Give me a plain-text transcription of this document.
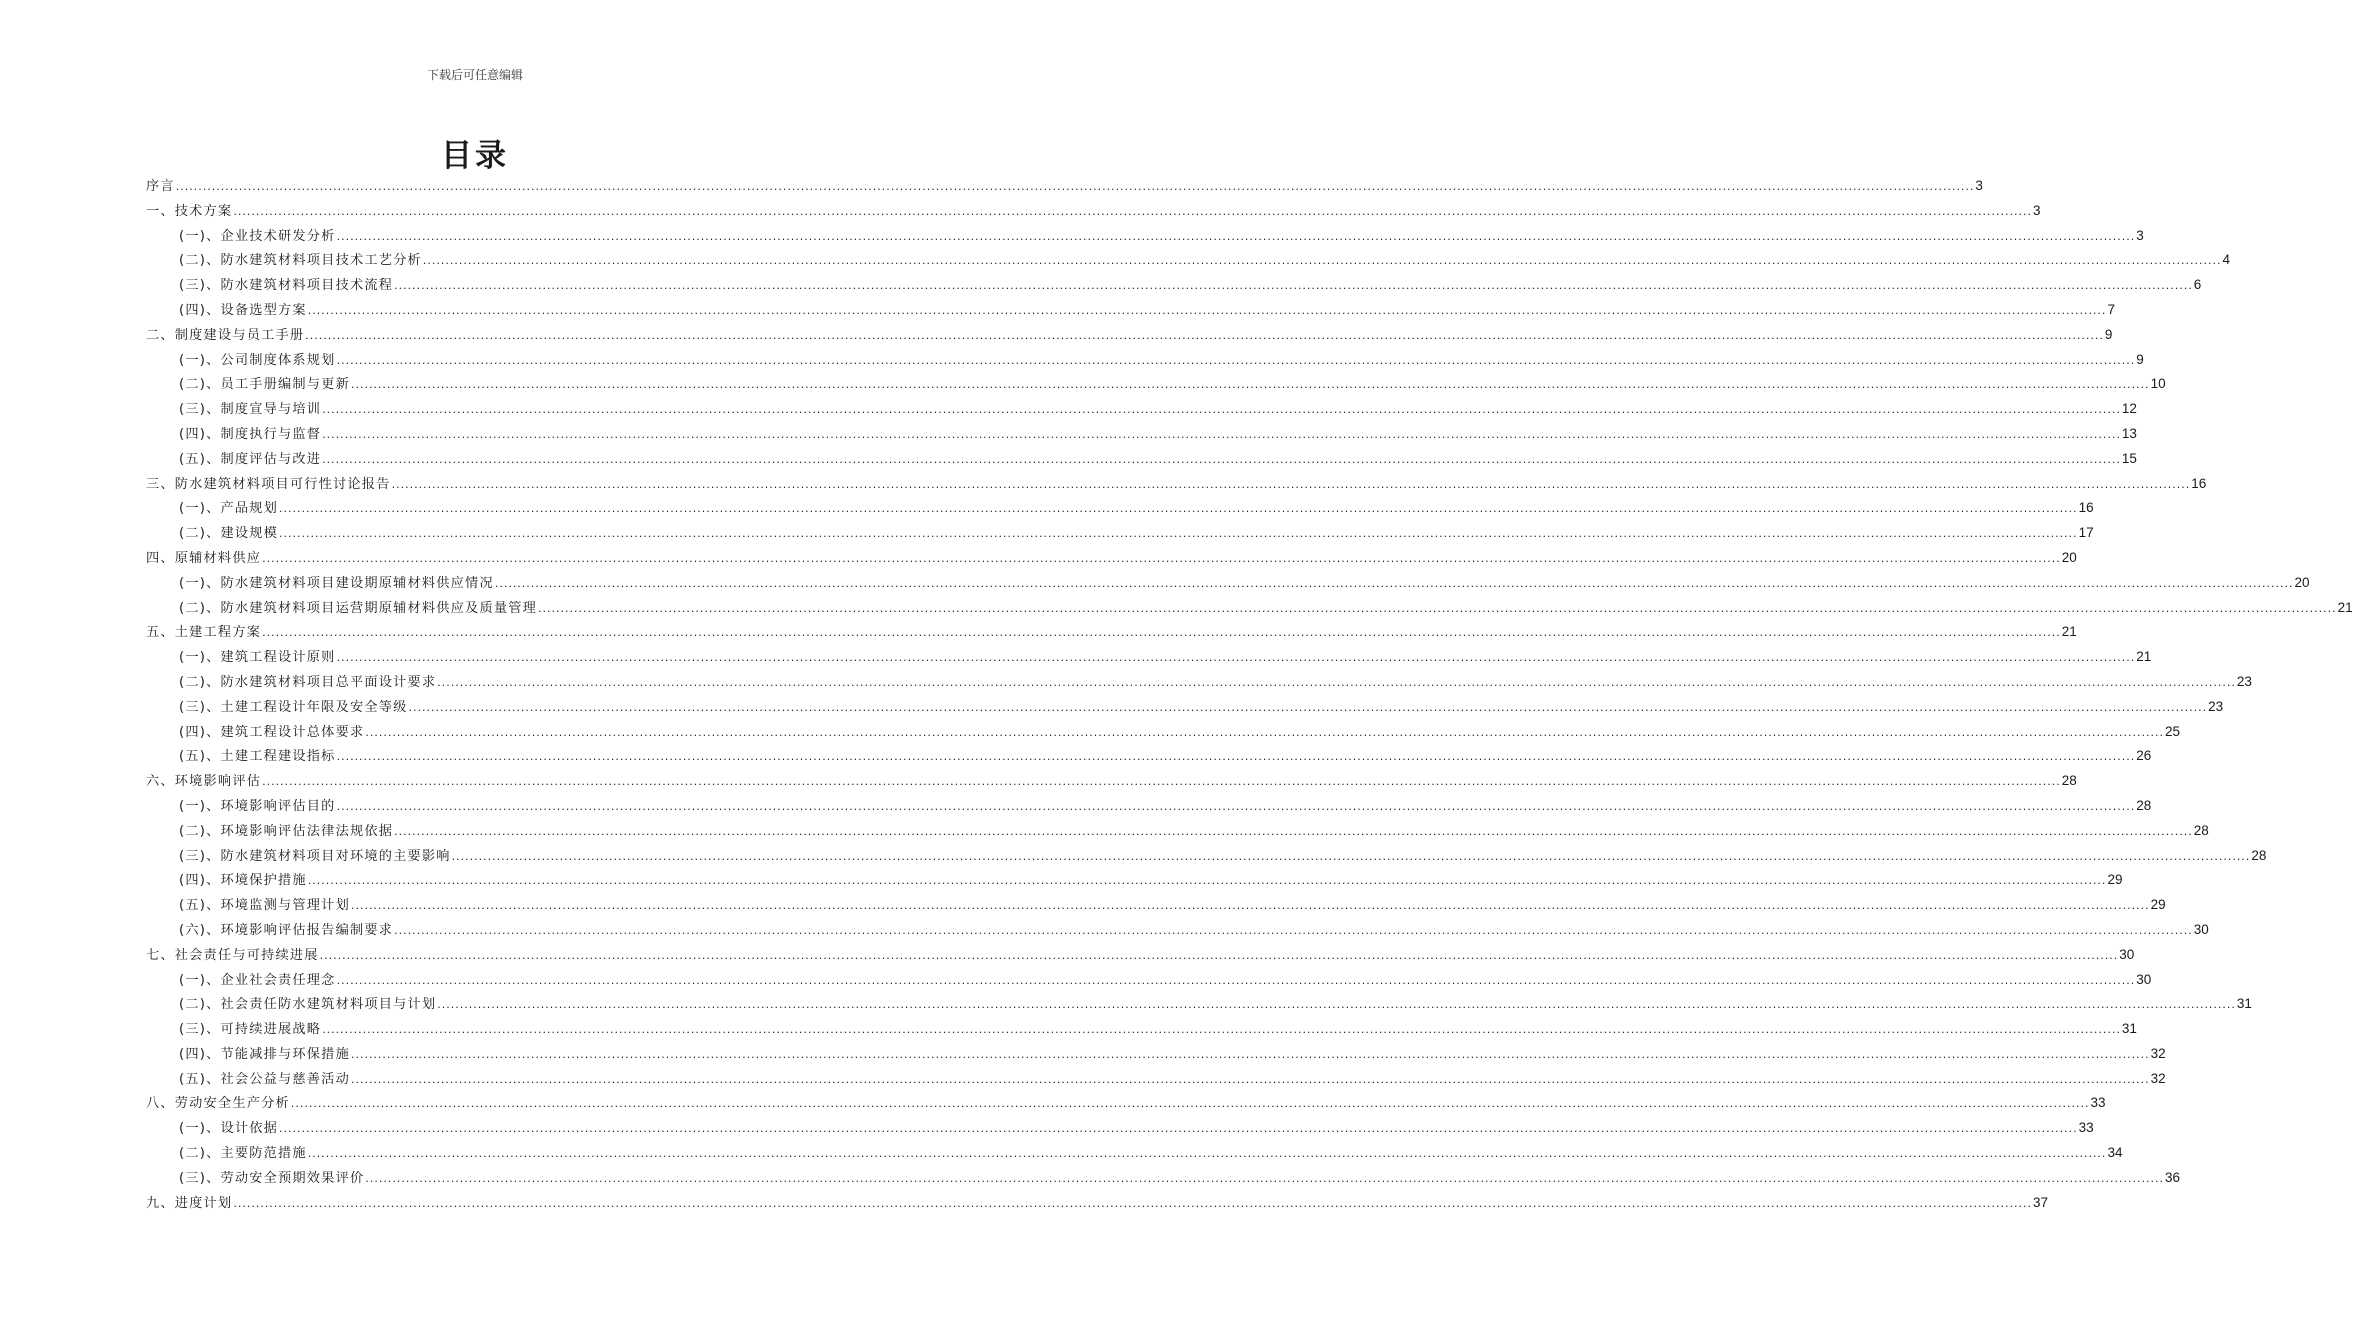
下载后可任意编辑
目录
序言 ................................................................................................................................................................................................................................................................................................................................................................................................................ 3
一、技术方案 ................................................................................................................................................................................................................................................................................................................................................................................................................ 3
(一)、企业技术研发分析 ................................................................................................................................................................................................................................................................................................................................................................................................................ 3
(二)、防水建筑材料项目技术工艺分析 ................................................................................................................................................................................................................................................................................................................................................................................................................ 4
(三)、防水建筑材料项目技术流程 ................................................................................................................................................................................................................................................................................................................................................................................................................ 6
(四)、设备选型方案 ................................................................................................................................................................................................................................................................................................................................................................................................................ 7
二、制度建设与员工手册 ................................................................................................................................................................................................................................................................................................................................................................................................................ 9
(一)、公司制度体系规划 ................................................................................................................................................................................................................................................................................................................................................................................................................ 9
(二)、员工手册编制与更新 ................................................................................................................................................................................................................................................................................................................................................................................................................ 10
(三)、制度宣导与培训 ................................................................................................................................................................................................................................................................................................................................................................................................................ 12
(四)、制度执行与监督 ................................................................................................................................................................................................................................................................................................................................................................................................................ 13
(五)、制度评估与改进 ................................................................................................................................................................................................................................................................................................................................................................................................................ 15
三、防水建筑材料项目可行性讨论报告 ................................................................................................................................................................................................................................................................................................................................................................................................................ 16
(一)、产品规划 ................................................................................................................................................................................................................................................................................................................................................................................................................ 16
(二)、建设规模 ................................................................................................................................................................................................................................................................................................................................................................................................................ 17
四、原辅材料供应 ................................................................................................................................................................................................................................................................................................................................................................................................................ 20
(一)、防水建筑材料项目建设期原辅材料供应情况 ................................................................................................................................................................................................................................................................................................................................................................................................................ 20
(二)、防水建筑材料项目运营期原辅材料供应及质量管理 ................................................................................................................................................................................................................................................................................................................................................................................................................ 21
五、土建工程方案 ................................................................................................................................................................................................................................................................................................................................................................................................................ 21
(一)、建筑工程设计原则 ................................................................................................................................................................................................................................................................................................................................................................................................................ 21
(二)、防水建筑材料项目总平面设计要求 ................................................................................................................................................................................................................................................................................................................................................................................................................ 23
(三)、土建工程设计年限及安全等级 ................................................................................................................................................................................................................................................................................................................................................................................................................ 23
(四)、建筑工程设计总体要求 ................................................................................................................................................................................................................................................................................................................................................................................................................ 25
(五)、土建工程建设指标 ................................................................................................................................................................................................................................................................................................................................................................................................................ 26
六、环境影响评估 ................................................................................................................................................................................................................................................................................................................................................................................................................ 28
(一)、环境影响评估目的 ................................................................................................................................................................................................................................................................................................................................................................................................................ 28
(二)、环境影响评估法律法规依据 ................................................................................................................................................................................................................................................................................................................................................................................................................ 28
(三)、防水建筑材料项目对环境的主要影响 ................................................................................................................................................................................................................................................................................................................................................................................................................ 28
(四)、环境保护措施 ................................................................................................................................................................................................................................................................................................................................................................................................................ 29
(五)、环境监测与管理计划 ................................................................................................................................................................................................................................................................................................................................................................................................................ 29
(六)、环境影响评估报告编制要求 ................................................................................................................................................................................................................................................................................................................................................................................................................ 30
七、社会责任与可持续进展 ................................................................................................................................................................................................................................................................................................................................................................................................................ 30
(一)、企业社会责任理念 ................................................................................................................................................................................................................................................................................................................................................................................................................ 30
(二)、社会责任防水建筑材料项目与计划 ................................................................................................................................................................................................................................................................................................................................................................................................................ 31
(三)、可持续进展战略 ................................................................................................................................................................................................................................................................................................................................................................................................................ 31
(四)、节能减排与环保措施 ................................................................................................................................................................................................................................................................................................................................................................................................................ 32
(五)、社会公益与慈善活动 ................................................................................................................................................................................................................................................................................................................................................................................................................ 32
八、劳动安全生产分析 ................................................................................................................................................................................................................................................................................................................................................................................................................ 33
(一)、设计依据 ................................................................................................................................................................................................................................................................................................................................................................................................................ 33
(二)、主要防范措施 ................................................................................................................................................................................................................................................................................................................................................................................................................ 34
(三)、劳动安全预期效果评价 ................................................................................................................................................................................................................................................................................................................................................................................................................ 36
九、进度计划 ................................................................................................................................................................................................................................................................................................................................................................................................................ 37
